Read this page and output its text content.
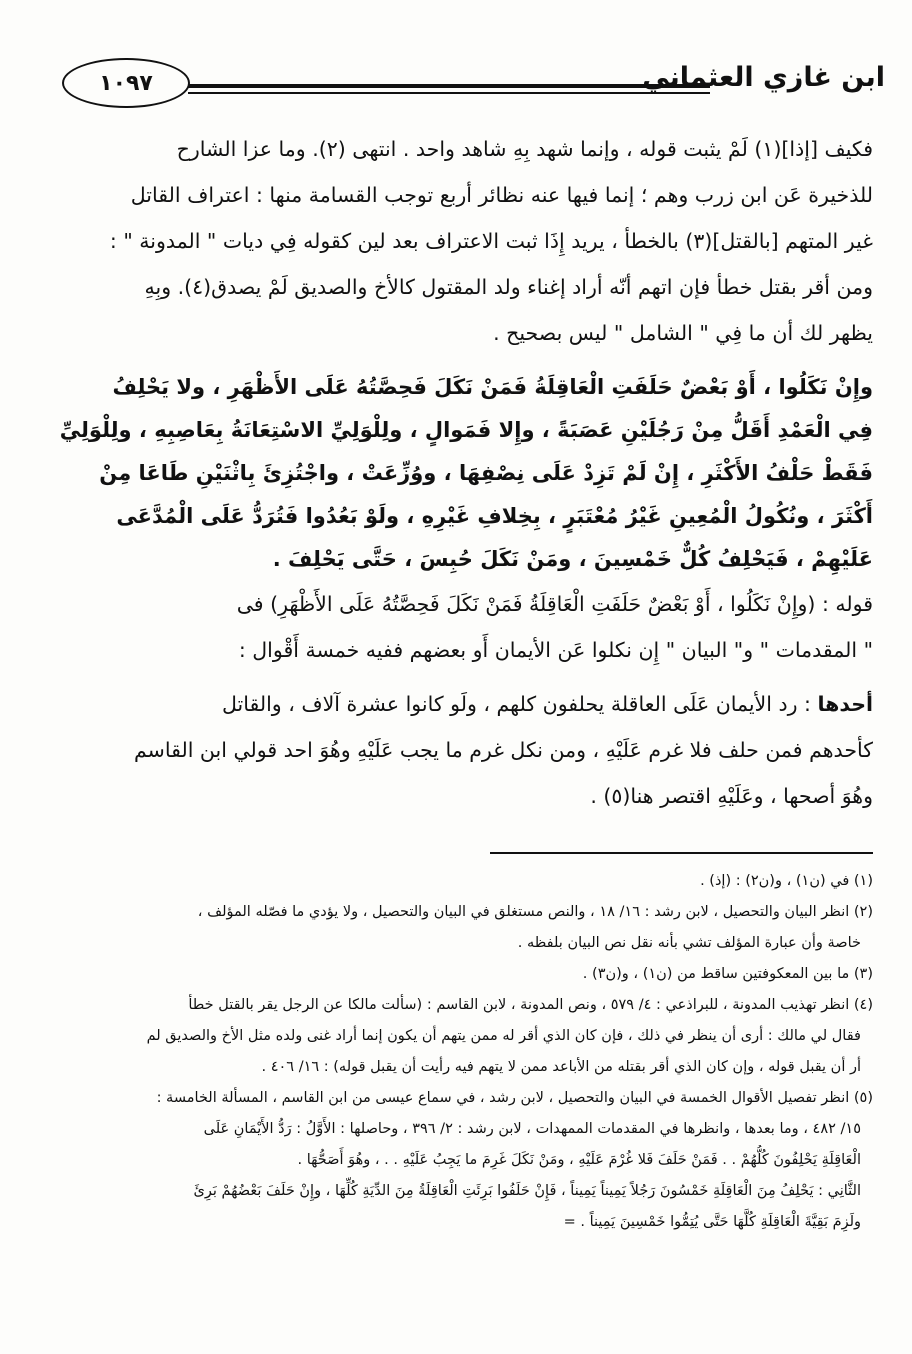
١٠٩٧	ابن غازي العثماني
فكيف [إذا](١) لَمْ يثبت قوله ، وإنما شهد بِهِ شاهد واحد . انتهى (٢). وما عزا الشارح
للذخيرة عَن ابن زرب وهم ؛ إنما فيها عنه نظائر أربع توجب القسامة منها : اعتراف القاتل
غير المتهم [بالقتل](٣) بالخطأ ، يريد إِذَا ثبت الاعتراف بعد لين كقوله فِي ديات " المدونة " :
ومن أقر بقتل خطأ فإن اتهم أنّه أراد إغناء ولد المقتول كالأخ والصديق لَمْ يصدق(٤). وبِهِ
يظهر لك أن ما فِي " الشامل " ليس بصحيح .
وإِنْ نَكَلُوا ، أَوْ بَعْضٌ حَلَفَتِ الْعَاقِلَةُ فَمَنْ نَكَلَ فَحِصَّتُهُ عَلَى الأَظْهَرِ ، ولا يَحْلِفُ
فِي الْعَمْدِ أَقَلُّ مِنْ رَجُلَيْنِ عَصَبَةً ، وإِلا فَمَوالٍ ، ولِلْوَلِيِّ الاسْتِعَانَةُ بِعَاصِبِهِ ، ولِلْوَلِيِّ
فَقَطْ حَلْفُ الأَكْثَرِ ، إِنْ لَمْ تَزِدْ عَلَى نِصْفِهَا ، ووُزِّعَتْ ، واجْتُزِئَ بِاثْنَيْنِ طَاعَا مِنْ
أَكْثَرَ ، ونُكُولُ الْمُعِينِ غَيْرُ مُعْتَبَرٍ ، بِخِلافِ غَيْرِهِ ، ولَوْ بَعُدُوا فَتُرَدُّ عَلَى الْمُدَّعَى
عَلَيْهِمْ ، فَيَحْلِفُ كُلٌّ خَمْسِينَ ، ومَنْ نَكَلَ حُبِسَ ، حَتَّى يَحْلِفَ .
قوله : (وإِنْ نَكَلُوا ، أَوْ بَعْضٌ حَلَفَتِ الْعَاقِلَةُ فَمَنْ نَكَلَ فَحِصَّتُهُ عَلَى الأَظْهَرِ) فى
" المقدمات " و" البيان " إِن نكلوا عَن الأيمان أَو بعضهم ففيه خمسة أَقْوال :
أحدها : رد الأيمان عَلَى العاقلة يحلفون كلهم ، ولَو كانوا عشرة آلاف ، والقاتل
كأحدهم فمن حلف فلا غرم عَلَيْهِ ، ومن نكل غرم ما يجب عَلَيْهِ وهُوَ احد قولي ابن القاسم
وهُوَ أصحها ، وعَلَيْهِ اقتصر هنا(٥) .
(١) في (ن١) ، و(ن٢) : (إذ) .
(٢) انظر البيان والتحصيل ، لابن رشد : ١٦/ ١٨ ، والنص مستغلق في البيان والتحصيل ، ولا يؤدي ما فصّله المؤلف ،
خاصة وأن عبارة المؤلف تشي بأنه نقل نص البيان بلفظه .
(٣) ما بين المعكوفتين ساقط من (ن١) ، و(ن٣) .
(٤) انظر تهذيب المدونة ، للبراذعي : ٤/ ٥٧٩ ، ونص المدونة ، لابن القاسم : (سألت مالكا عن الرجل يقر بالقتل خطأ
فقال لي مالك : أرى أن ينظر في ذلك ، فإن كان الذي أقر له ممن يتهم أن يكون إنما أراد غنى ولده مثل الأخ والصديق لم
أر أن يقبل قوله ، وإن كان الذي أقر بقتله من الأباعد ممن لا يتهم فيه رأيت أن يقبل قوله) : ١٦/ ٤٠٦ .
(٥) انظر تفصيل الأقوال الخمسة في البيان والتحصيل ، لابن رشد ، في سماع عيسى من ابن القاسم ، المسألة الخامسة :
١٥/ ٤٨٢ ، وما بعدها ، وانظرها في المقدمات الممهدات ، لابن رشد : ٢/ ٣٩٦ ، وحاصلها : الأَوَّلُ : رَدُّ الأَيْمَانِ عَلَى
الْعَاقِلَةِ يَحْلِفُونَ كُلُّهُمْ . . فَمَنْ حَلَفَ فَلا غُرْمَ عَلَيْهِ ، ومَنْ نَكَلَ غَرِمَ ما يَجِبُ عَلَيْهِ . . ، وهُوَ أَصَحُّهَا .
الثَّانِي : يَحْلِفُ مِنَ الْعَاقِلَةِ خَمْسُونَ رَجُلاً يَمِيناً يَمِيناً ، فَإِنْ حَلَفُوا بَرِئَتِ الْعَاقِلَةُ مِنَ الدِّيَةِ كُلِّهَا ، وإِنْ حَلَفَ بَعْضُهُمْ بَرِئَ
ولَزِمَ بَقِيَّةَ الْعَاقِلَةِ كُلَّهَا حَتَّى يُتِمُّوا خَمْسِينَ يَمِيناً . =
